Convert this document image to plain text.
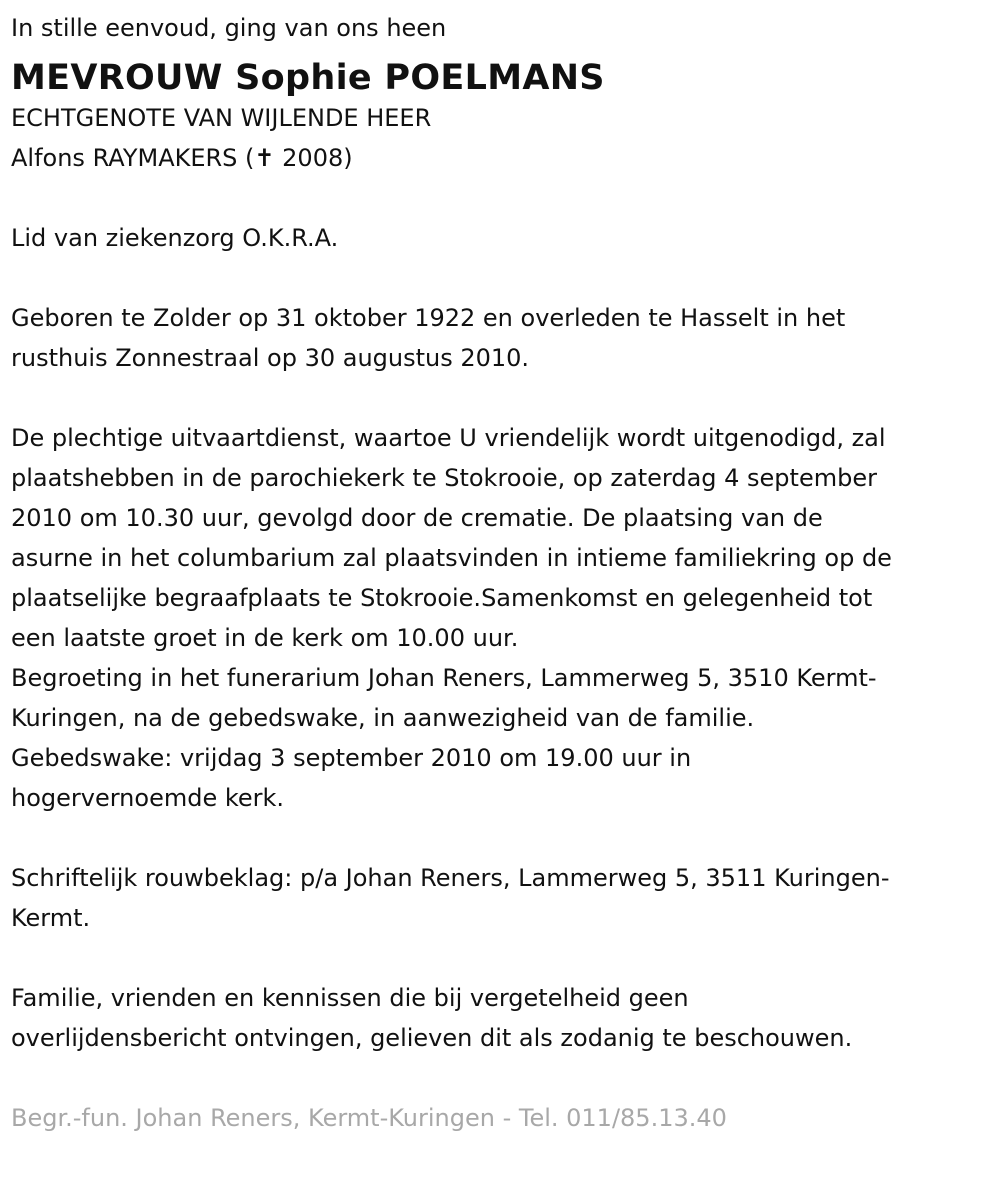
In stille eenvoud, ging van ons heen
MEVROUW Sophie POELMANS
ECHTGENOTE VAN WIJLENDE HEER
Alfons RAYMAKERS (✝ 2008)
Lid van ziekenzorg O.K.R.A.
Geboren te Zolder op 31 oktober 1922 en overleden te Hasselt in het
rusthuis Zonnestraal op 30 augustus 2010.
De plechtige uitvaartdienst, waartoe U vriendelijk wordt uitgenodigd, zal
plaatshebben in de parochiekerk te Stokrooie, op zaterdag 4 september
2010 om 10.30 uur, gevolgd door de crematie. De plaatsing van de
asurne in het columbarium zal plaatsvinden in intieme familiekring op de
plaatselijke begraafplaats te Stokrooie.Samenkomst en gelegenheid tot
een laatste groet in de kerk om 10.00 uur.
Begroeting in het funerarium Johan Reners, Lammerweg 5, 3510 Kermt-
Kuringen, na de gebedswake, in aanwezigheid van de familie.
Gebedswake: vrijdag 3 september 2010 om 19.00 uur in
hogervernoemde kerk.
Schriftelijk rouwbeklag: p/a Johan Reners, Lammerweg 5, 3511 Kuringen-
Kermt.
Familie, vrienden en kennissen die bij vergetelheid geen
overlijdensbericht ontvingen, gelieven dit als zodanig te beschouwen.
Begr.-fun. Johan Reners, Kermt-Kuringen - Tel. 011/85.13.40
